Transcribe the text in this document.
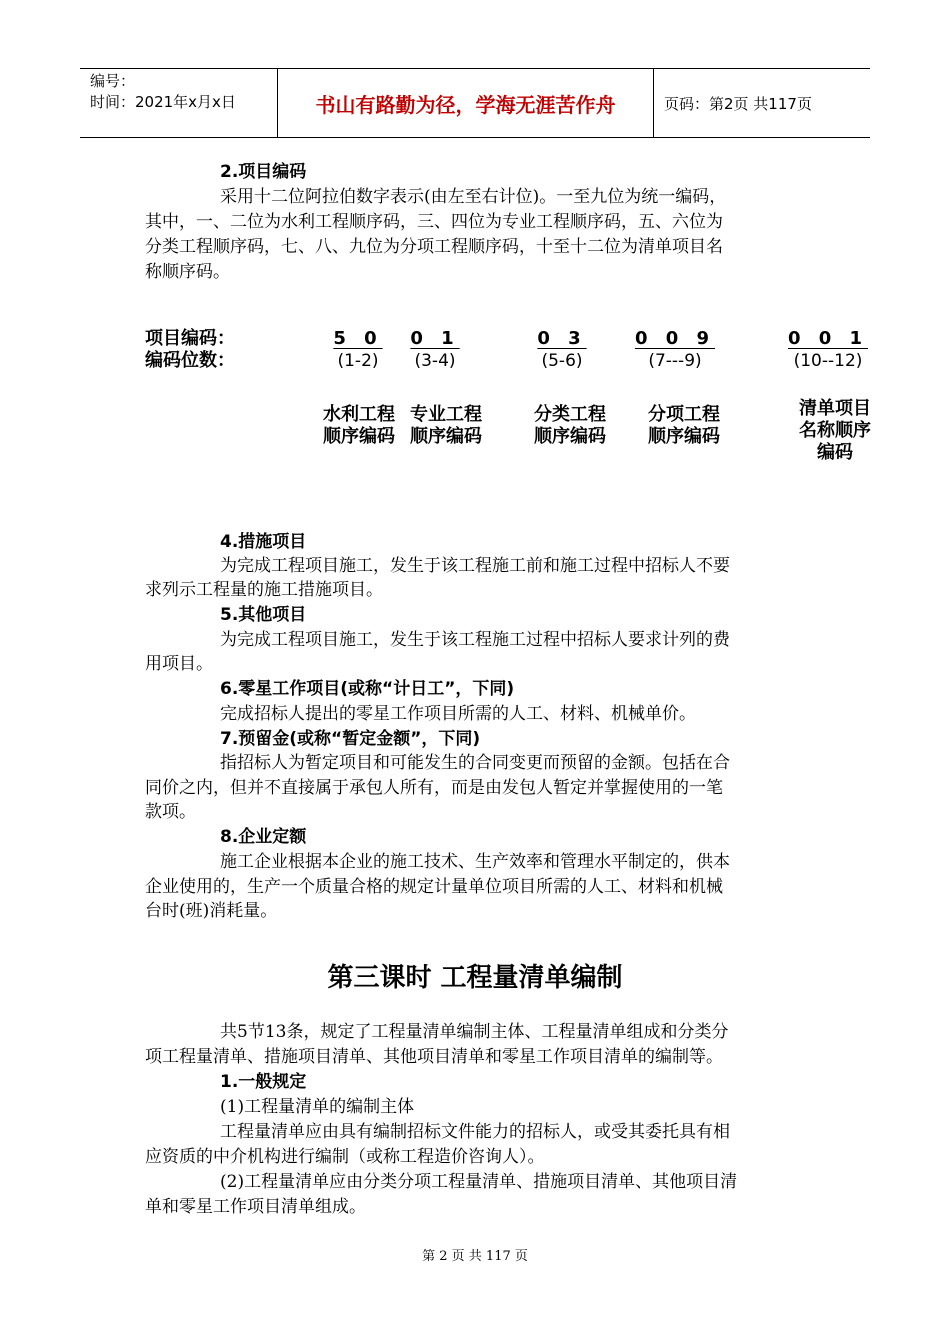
编号：
时间：2021年x月x日	书山有路勤为径，学海无涯苦作舟	页码：第2页 共117页
2.项目编码
采用十二位阿拉伯数字表示(由左至右计位)。一至九位为统一编码，
其中，一、二位为水利工程顺序码，三、四位为专业工程顺序码，五、六位为
分类工程顺序码，七、八、九位为分项工程顺序码，十至十二位为清单项目名
称顺序码。
项目编码：
编码位数：
5 0
(1-2)
0 1
(3-4)
0 3
(5-6)
0 0 9
(7---9)
0 0 1
(10--12)
水利工程
顺序编码
专业工程
顺序编码
分类工程
顺序编码
分项工程
顺序编码
清单项目
名称顺序
编码
4.措施项目
为完成工程项目施工，发生于该工程施工前和施工过程中招标人不要
求列示工程量的施工措施项目。
5.其他项目
为完成工程项目施工，发生于该工程施工过程中招标人要求计列的费
用项目。
6.零星工作项目(或称“计日工”，下同)
完成招标人提出的零星工作项目所需的人工、材料、机械单价。
7.预留金(或称“暂定金额”，下同)
指招标人为暂定项目和可能发生的合同变更而预留的金额。包括在合
同价之内，但并不直接属于承包人所有，而是由发包人暂定并掌握使用的一笔
款项。
8.企业定额
施工企业根据本企业的施工技术、生产效率和管理水平制定的，供本
企业使用的，生产一个质量合格的规定计量单位项目所需的人工、材料和机械
台时(班)消耗量。
第三课时 工程量清单编制
共5节13条，规定了工程量清单编制主体、工程量清单组成和分类分
项工程量清单、措施项目清单、其他项目清单和零星工作项目清单的编制等。
1.一般规定
(1)工程量清单的编制主体
工程量清单应由具有编制招标文件能力的招标人，或受其委托具有相
应资质的中介机构进行编制（或称工程造价咨询人）。
(2)工程量清单应由分类分项工程量清单、措施项目清单、其他项目清
单和零星工作项目清单组成。
第 2 页 共 117 页
